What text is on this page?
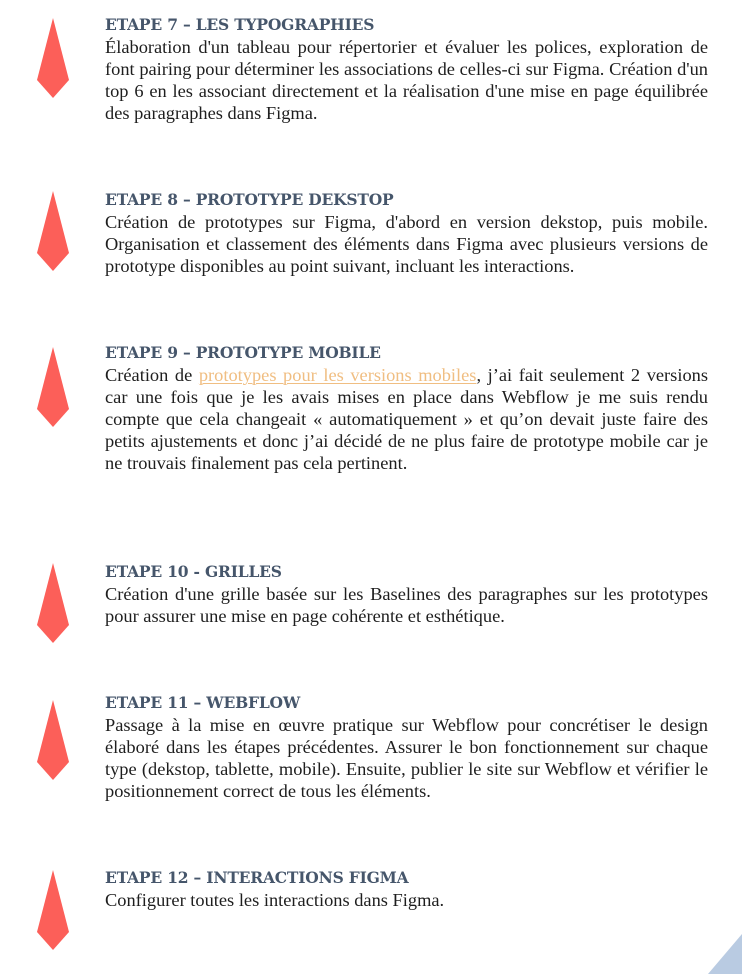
ETAPE 7 – LES TYPOGRAPHIES

Élaboration d'un tableau pour répertorier et évaluer les polices, exploration de font pairing pour déterminer les associations de celles-ci sur Figma. Création d'un top 6 en les associant directement et la réalisation d'une mise en page équilibrée des paragraphes dans Figma.

ETAPE 8 – PROTOTYPE DEKSTOP

Création de prototypes sur Figma, d'abord en version dekstop, puis mobile. Organisation et classement des éléments dans Figma avec plusieurs versions de prototype disponibles au point suivant, incluant les interactions.

ETAPE 9 – PROTOTYPE MOBILE

Création de prototypes pour les versions mobiles, j’ai fait seulement 2 versions car une fois que je les avais mises en place dans Webflow je me suis rendu compte que cela changeait « automatiquement » et qu’on devait juste faire des petits ajustements et donc j’ai décidé de ne plus faire de prototype mobile car je ne trouvais finalement pas cela pertinent.

ETAPE 10 - GRILLES

Création d'une grille basée sur les Baselines des paragraphes sur les prototypes pour assurer une mise en page cohérente et esthétique.

ETAPE 11 – WEBFLOW

Passage à la mise en œuvre pratique sur Webflow pour concrétiser le design élaboré dans les étapes précédentes. Assurer le bon fonctionnement sur chaque type (dekstop, tablette, mobile). Ensuite, publier le site sur Webflow et vérifier le positionnement correct de tous les éléments.

ETAPE 12 – INTERACTIONS FIGMA

Configurer toutes les interactions dans Figma.
